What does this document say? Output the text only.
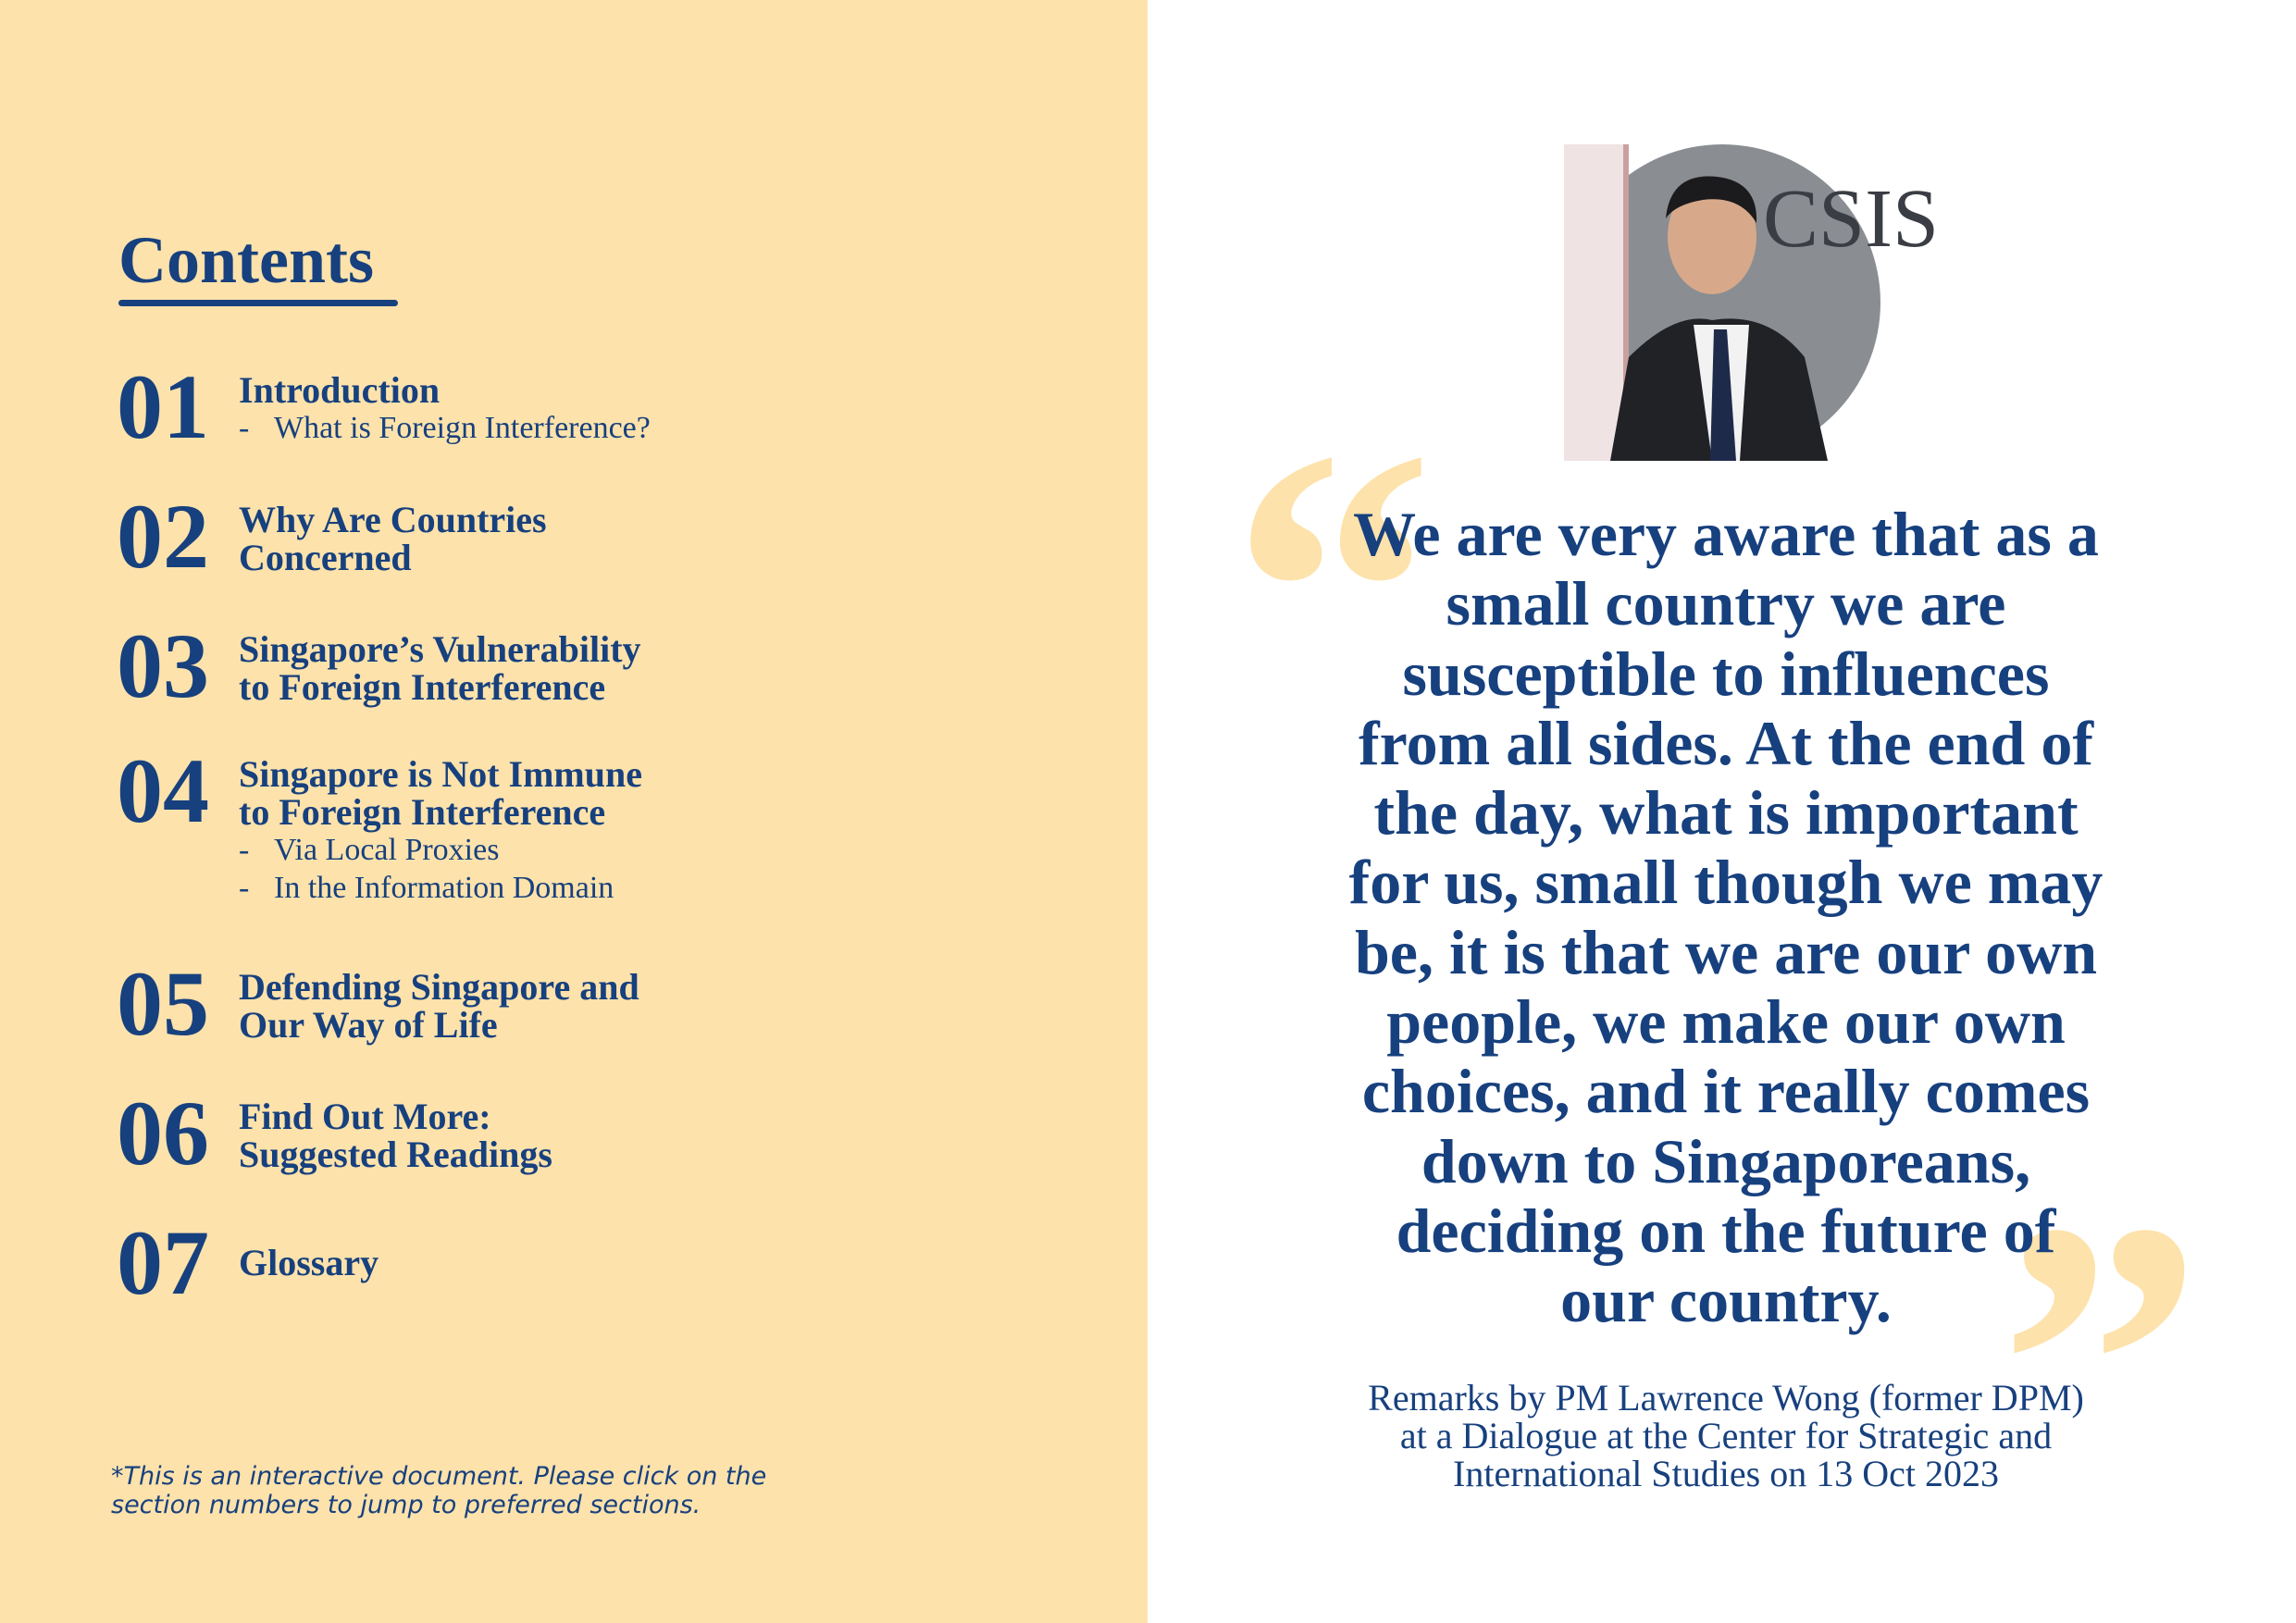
Contents
01 Introduction
- What is Foreign Interference?
02 Why Are Countries
Concerned
03 Singapore’s Vulnerability
to Foreign Interference
04 Singapore is Not Immune
to Foreign Interference
- Via Local Proxies
- In the Information Domain
05 Defending Singapore and
Our Way of Life
06 Find Out More:
Suggested Readings
07 Glossary
*This is an interactive document. Please click on the section numbers to jump to preferred sections.
CSIS
“
”
We are very aware that as a
small country we are
susceptible to influences
from all sides. At the end of
the day, what is important
for us, small though we may
be, it is that we are our own
people, we make our own
choices, and it really comes
down to Singaporeans,
deciding on the future of
our country.
Remarks by PM Lawrence Wong (former DPM)
at a Dialogue at the Center for Strategic and
International Studies on 13 Oct 2023
